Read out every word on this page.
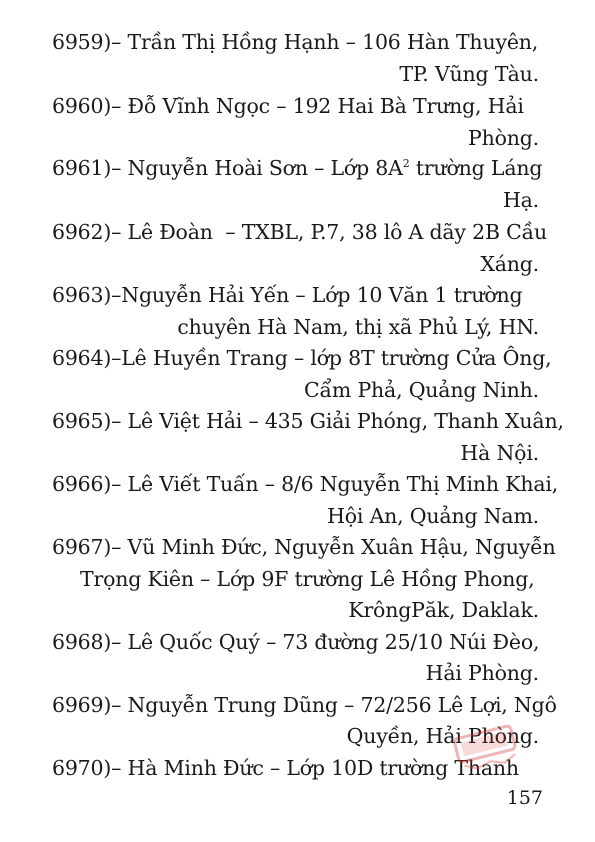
6959)– Trần Thị Hồng Hạnh – 106 Hàn Thuyên,
TP. Vũng Tàu.
6960)– Đỗ Vĩnh Ngọc – 192 Hai Bà Trưng, Hải
Phòng.
6961)– Nguyễn Hoài Sơn – Lớp $8A^2$ trường Láng
Hạ.
6962)– Lê Đoàn  – TXBL, P.7, 38 lô A dãy 2B Cầu
Xáng.
6963)–Nguyễn Hải Yến – Lớp 10 Văn 1 trường
chuyên Hà Nam, thị xã Phủ Lý, HN.
6964)–Lê Huyền Trang – lớp 8T trường Cửa Ông,
Cẩm Phả, Quảng Ninh.
6965)– Lê Việt Hải – 435 Giải Phóng, Thanh Xuân,
Hà Nội.
6966)– Lê Viết Tuấn – 8/6 Nguyễn Thị Minh Khai,
Hội An, Quảng Nam.
6967)– Vũ Minh Đức, Nguyễn Xuân Hậu, Nguyễn
Trọng Kiên – Lớp 9F trường Lê Hồng Phong,
KrôngPăk, Daklak.
6968)– Lê Quốc Quý – 73 đường 25/10 Núi Đèo,
Hải Phòng.
6969)– Nguyễn Trung Dũng – 72/256 Lê Lợi, Ngô
Quyền, Hải Phòng.
6970)– Hà Minh Đức – Lớp 10D trường Thanh
157
